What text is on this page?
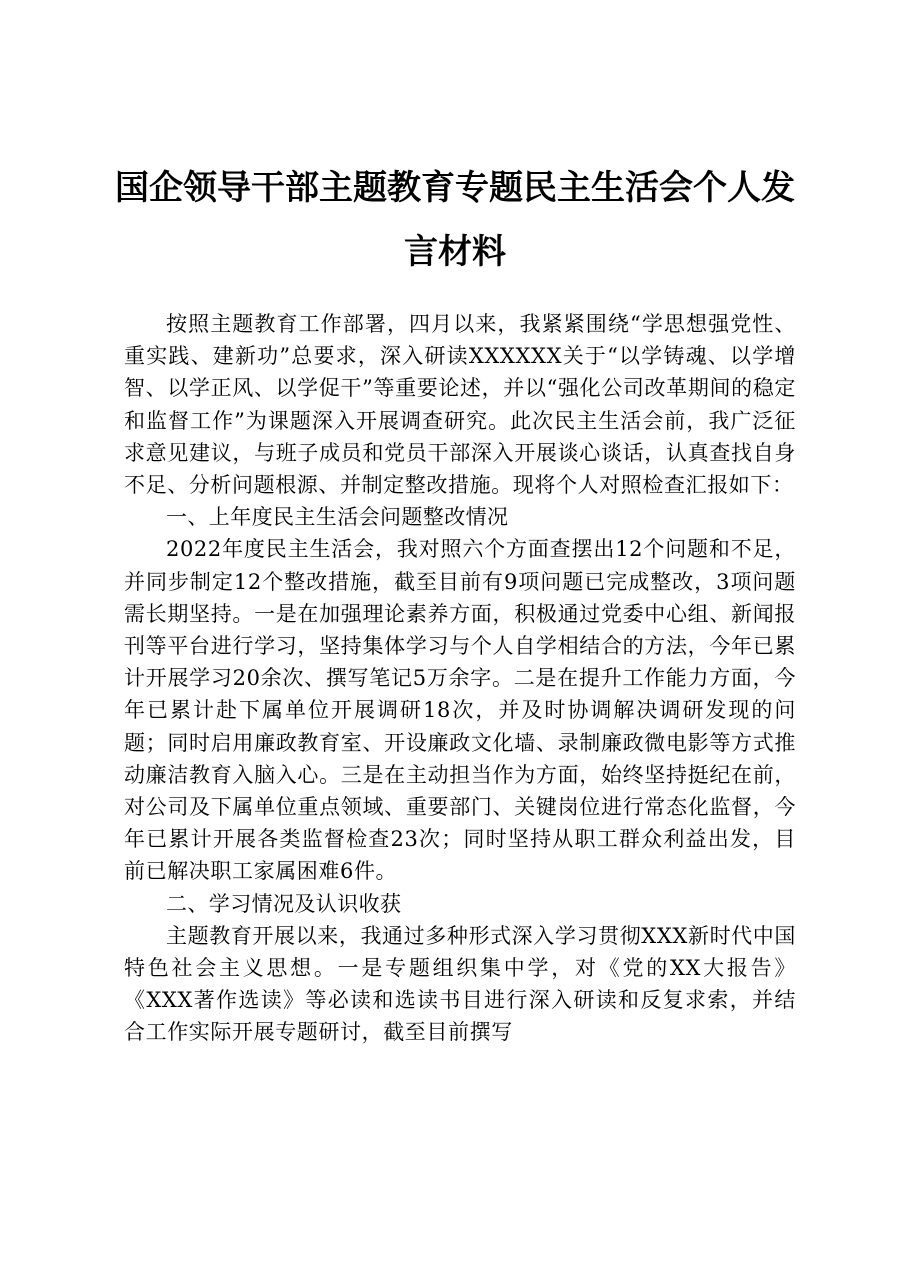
国企领导干部主题教育专题民主生活会个人发
言材料

按照主题教育工作部署，四月以来，我紧紧围绕“学思想强党性、重实践、建新功”总要求，深入研读XXXXXX关于“以学铸魂、以学增智、以学正风、以学促干”等重要论述，并以“强化公司改革期间的稳定和监督工作”为课题深入开展调查研究。此次民主生活会前，我广泛征求意见建议，与班子成员和党员干部深入开展谈心谈话，认真查找自身不足、分析问题根源、并制定整改措施。现将个人对照检查汇报如下：

一、上年度民主生活会问题整改情况

2022年度民主生活会，我对照六个方面查摆出12个问题和不足，并同步制定12个整改措施，截至目前有9项问题已完成整改，3项问题需长期坚持。一是在加强理论素养方面，积极通过党委中心组、新闻报刊等平台进行学习，坚持集体学习与个人自学相结合的方法，今年已累计开展学习20余次、撰写笔记5万余字。二是在提升工作能力方面，今年已累计赴下属单位开展调研18次，并及时协调解决调研发现的问题；同时启用廉政教育室、开设廉政文化墙、录制廉政微电影等方式推动廉洁教育入脑入心。三是在主动担当作为方面，始终坚持挺纪在前，对公司及下属单位重点领域、重要部门、关键岗位进行常态化监督，今年已累计开展各类监督检查23次；同时坚持从职工群众利益出发，目前已解决职工家属困难6件。

二、学习情况及认识收获

主题教育开展以来，我通过多种形式深入学习贯彻XXX新时代中国特色社会主义思想。一是专题组织集中学，对《党的XX大报告》《XXX著作选读》等必读和选读书目进行深入研读和反复求索，并结合工作实际开展专题研讨，截至目前撰写
